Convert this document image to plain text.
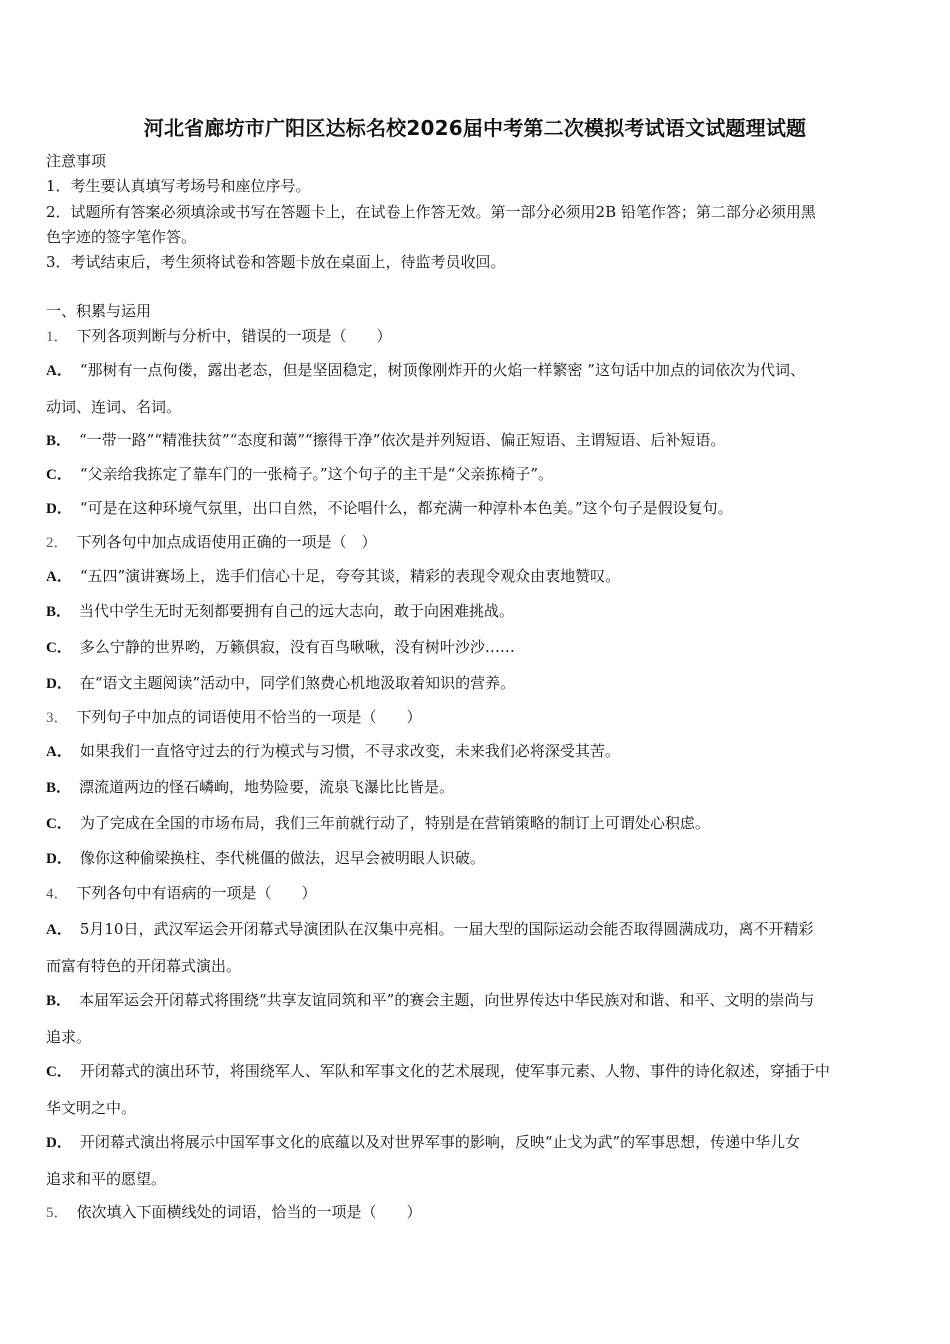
河北省廊坊市广阳区达标名校2026届中考第二次模拟考试语文试题理试题
注意事项
1．考生要认真填写考场号和座位序号。
2．试题所有答案必须填涂或书写在答题卡上，在试卷上作答无效。第一部分必须用2B 铅笔作答；第二部分必须用黑
色字迹的签字笔作答。
3．考试结束后，考生须将试卷和答题卡放在桌面上，待监考员收回。
一、积累与运用
1． 下列各项判断与分析中，错误的一项是（　　）
A． “那树有一点佝偻，露出老态，但是坚固稳定，树顶像刚炸开的火焰一样繁密 ”这句话中加点的词依次为代词、
动词、连词、名词。
B． “一带一路”“精准扶贫”“态度和蔼”“擦得干净”依次是并列短语、偏正短语、主谓短语、后补短语。
C． “父亲给我拣定了靠车门的一张椅子。”这个句子的主干是“父亲拣椅子”。
D． “可是在这种环境气氛里，出口自然，不论唱什么，都充满一种淳朴本色美。”这个句子是假设复句。
2． 下列各句中加点成语使用正确的一项是（　）
A． “五四”演讲赛场上，选手们信心十足，夸夸其谈，精彩的表现令观众由衷地赞叹。
B． 当代中学生无时无刻都要拥有自己的远大志向，敢于向困难挑战。
C． 多么宁静的世界哟，万籁俱寂，没有百鸟啾啾，没有树叶沙沙……
D． 在“语文主题阅读”活动中，同学们煞费心机地汲取着知识的营养。
3． 下列句子中加点的词语使用不恰当的一项是（　　）
A． 如果我们一直恪守过去的行为模式与习惯，不寻求改变，未来我们必将深受其苦。
B． 漂流道两边的怪石嶙峋，地势险要，流泉飞瀑比比皆是。
C． 为了完成在全国的市场布局，我们三年前就行动了，特别是在营销策略的制订上可谓处心积虑。
D． 像你这种偷梁换柱、李代桃僵的做法，迟早会被明眼人识破。
4． 下列各句中有语病的一项是（　　）
A． 5月10日，武汉军运会开闭幕式导演团队在汉集中亮相。一届大型的国际运动会能否取得圆满成功，离不开精彩
而富有特色的开闭幕式演出。
B． 本届军运会开闭幕式将围绕“共享友谊同筑和平”的赛会主题，向世界传达中华民族对和谐、和平、文明的崇尚与
追求。
C． 开闭幕式的演出环节，将围绕军人、军队和军事文化的艺术展现，使军事元素、人物、事件的诗化叙述，穿插于中
华文明之中。
D． 开闭幕式演出将展示中国军事文化的底蕴以及对世界军事的影响，反映“止戈为武”的军事思想，传递中华儿女
追求和平的愿望。
5． 依次填入下面横线处的词语，恰当的一项是（　　）
